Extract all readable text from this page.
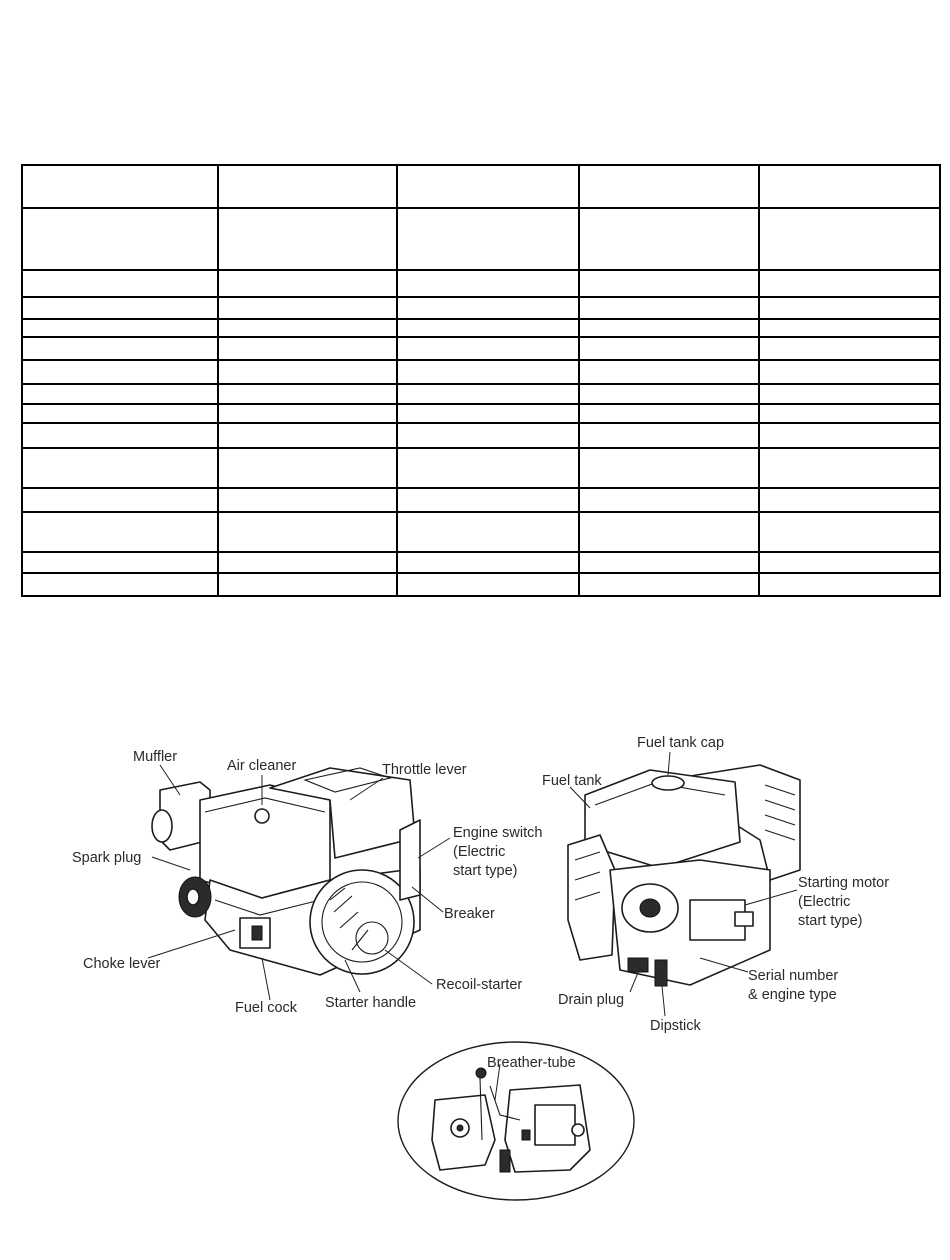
Muffler
Air cleaner	Throttle lever
Engine switch
(Electric
start type)
Spark plug
Breaker
Choke lever
Recoil-starter
Fuel cock Starter handle
Fuel tank cap
Fuel tank
Starting motor
(Electric
start type)
Serial number
& engine type
Drain plug
Dipstick
Breather-tube
